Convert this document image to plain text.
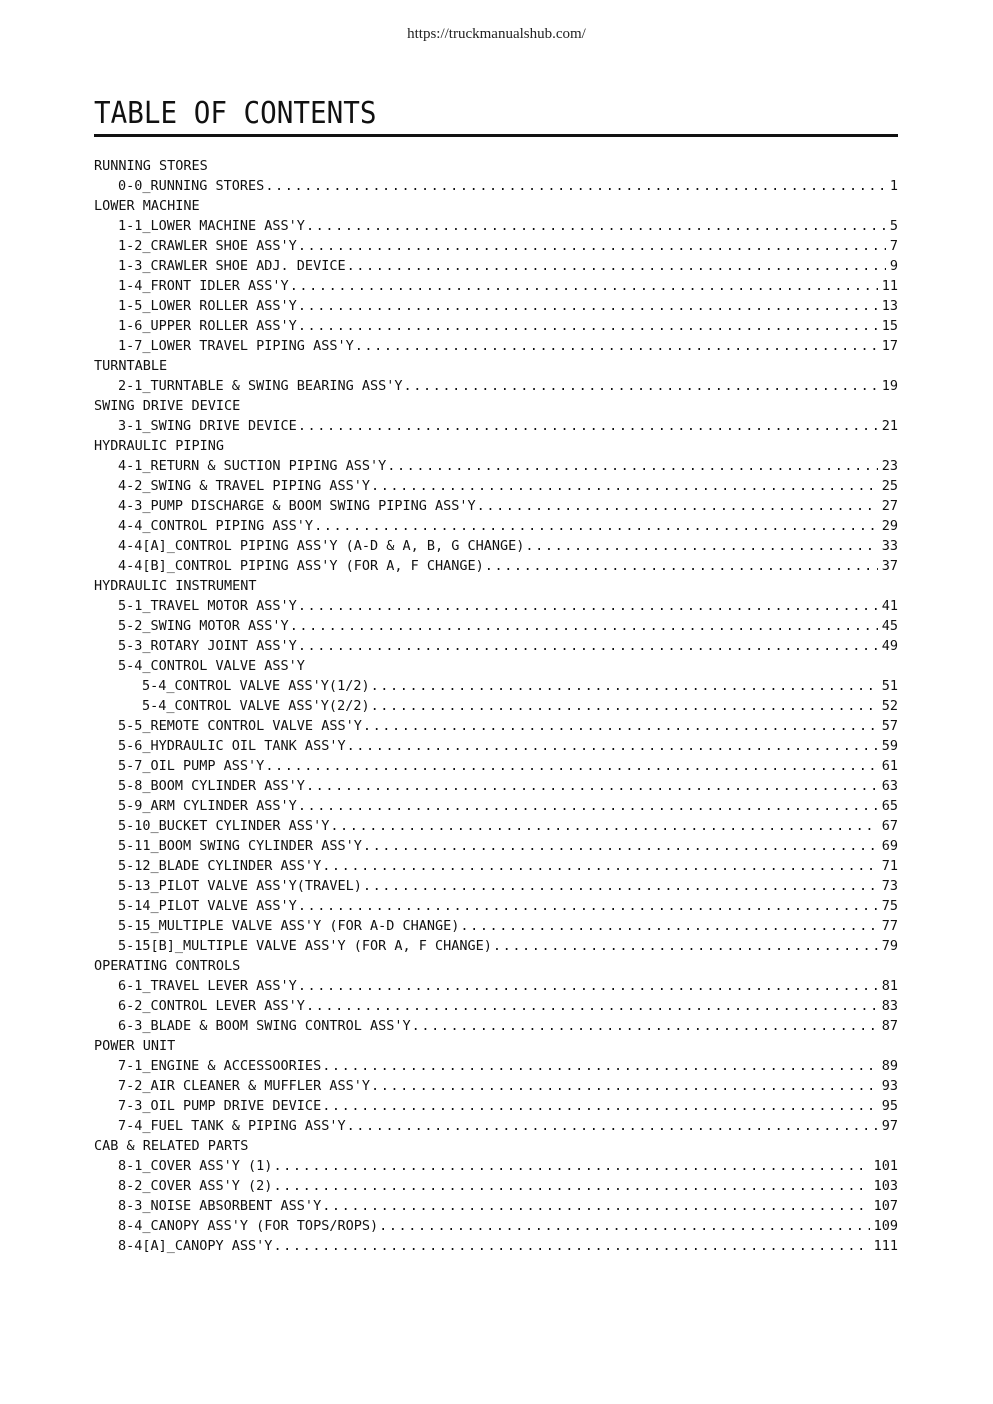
https://truckmanualshub.com/
TABLE OF CONTENTS
RUNNING STORES
0-0_RUNNING STORES .....	1
LOWER MACHINE
1-1_LOWER MACHINE ASS'Y .....	5
1-2_CRAWLER SHOE ASS'Y .....	7
1-3_CRAWLER SHOE ADJ. DEVICE .....	9
1-4_FRONT IDLER ASS'Y .....	11
1-5_LOWER ROLLER ASS'Y .....	13
1-6_UPPER ROLLER ASS'Y .....	15
1-7_LOWER TRAVEL PIPING ASS'Y .....	17
TURNTABLE
2-1_TURNTABLE & SWING BEARING ASS'Y .....	19
SWING DRIVE DEVICE
3-1_SWING DRIVE DEVICE .....	21
HYDRAULIC PIPING
4-1_RETURN & SUCTION PIPING ASS'Y .....	23
4-2_SWING & TRAVEL PIPING ASS'Y .....	25
4-3_PUMP DISCHARGE & BOOM SWING PIPING ASS'Y .....	27
4-4_CONTROL PIPING ASS'Y .....	29
4-4[A]_CONTROL PIPING ASS'Y (A-D & A, B, G CHANGE) .....	33
4-4[B]_CONTROL PIPING ASS'Y (FOR A, F CHANGE) .....	37
HYDRAULIC INSTRUMENT
5-1_TRAVEL MOTOR ASS'Y .....	41
5-2_SWING MOTOR ASS'Y .....	45
5-3_ROTARY JOINT ASS'Y .....	49
5-4_CONTROL VALVE ASS'Y
5-4_CONTROL VALVE ASS'Y(1/2) .....	51
5-4_CONTROL VALVE ASS'Y(2/2) .....	52
5-5_REMOTE CONTROL VALVE ASS'Y .....	57
5-6_HYDRAULIC OIL TANK ASS'Y .....	59
5-7_OIL PUMP ASS'Y .....	61
5-8_BOOM CYLINDER ASS'Y .....	63
5-9_ARM CYLINDER ASS'Y .....	65
5-10_BUCKET CYLINDER ASS'Y .....	67
5-11_BOOM SWING CYLINDER ASS'Y .....	69
5-12_BLADE CYLINDER ASS'Y .....	71
5-13_PILOT VALVE ASS'Y(TRAVEL) .....	73
5-14_PILOT VALVE ASS'Y .....	75
5-15_MULTIPLE VALVE ASS'Y (FOR A-D CHANGE) .....	77
5-15[B]_MULTIPLE VALVE ASS'Y (FOR A, F CHANGE) .....	79
OPERATING CONTROLS
6-1_TRAVEL LEVER ASS'Y .....	81
6-2_CONTROL LEVER ASS'Y .....	83
6-3_BLADE & BOOM SWING CONTROL ASS'Y .....	87
POWER UNIT
7-1_ENGINE & ACCESSOORIES .....	89
7-2_AIR CLEANER & MUFFLER ASS'Y .....	93
7-3_OIL PUMP DRIVE DEVICE .....	95
7-4_FUEL TANK & PIPING ASS'Y .....	97
CAB & RELATED PARTS
8-1_COVER ASS'Y (1) .....	101
8-2_COVER ASS'Y (2) .....	103
8-3_NOISE ABSORBENT ASS'Y .....	107
8-4_CANOPY ASS'Y (FOR TOPS/ROPS) .....	109
8-4[A]_CANOPY ASS'Y .....	111
